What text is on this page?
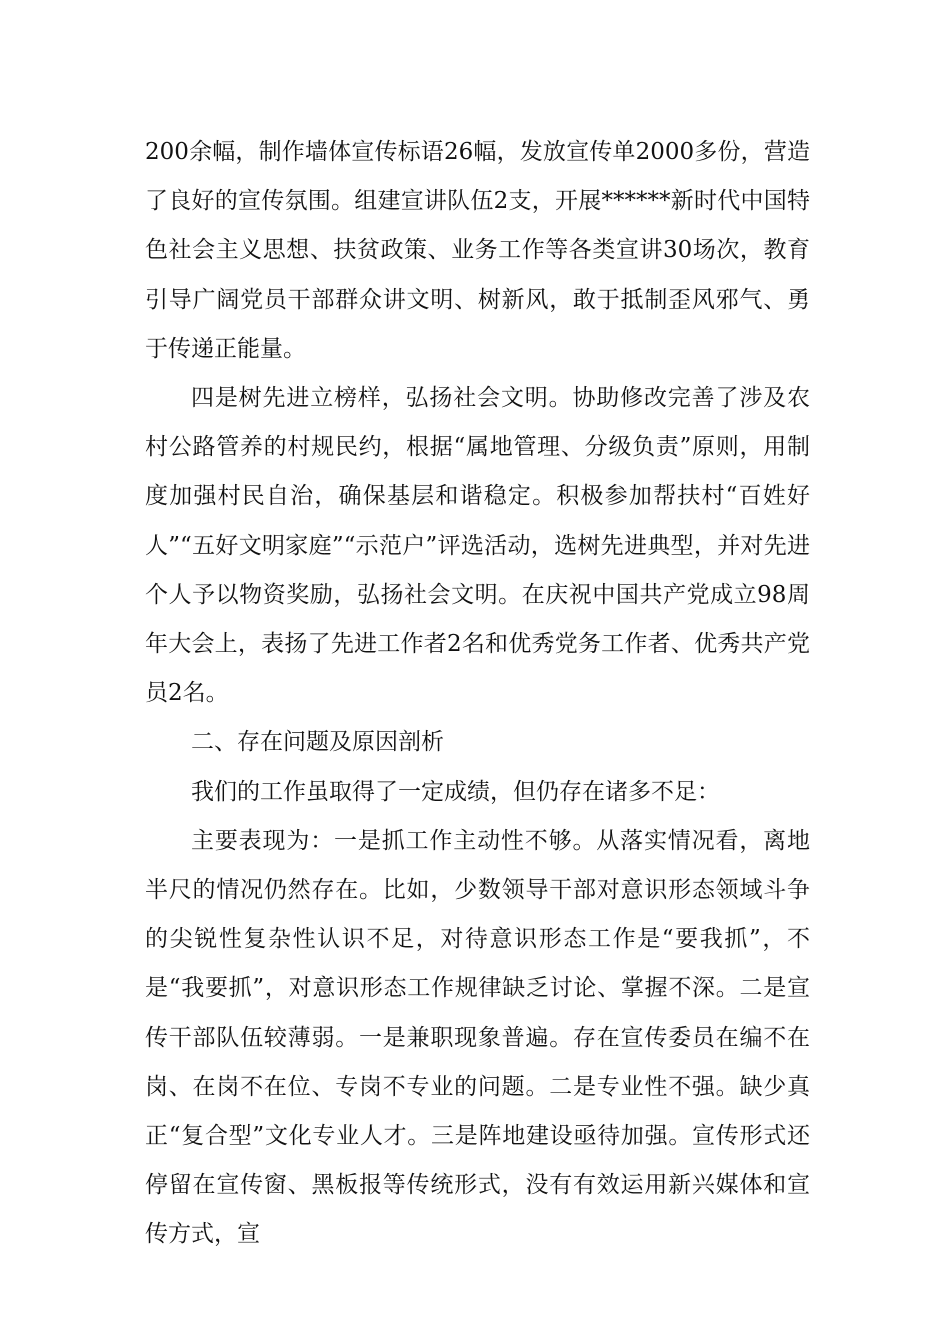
200余幅，制作墙体宣传标语26幅，发放宣传单2000多份，营造了良好的宣传氛围。组建宣讲队伍2支，开展******新时代中国特色社会主义思想、扶贫政策、业务工作等各类宣讲30场次，教育引导广阔党员干部群众讲文明、树新风，敢于抵制歪风邪气、勇于传递正能量。

四是树先进立榜样，弘扬社会文明。协助修改完善了涉及农村公路管养的村规民约，根据“属地管理、分级负责”原则，用制度加强村民自治，确保基层和谐稳定。积极参加帮扶村“百姓好人”“五好文明家庭”“示范户”评选活动，选树先进典型，并对先进个人予以物资奖励，弘扬社会文明。在庆祝中国共产党成立98周年大会上，表扬了先进工作者2名和优秀党务工作者、优秀共产党员2名。

二、存在问题及原因剖析

我们的工作虽取得了一定成绩，但仍存在诸多不足：

主要表现为：一是抓工作主动性不够。从落实情况看，离地半尺的情况仍然存在。比如，少数领导干部对意识形态领域斗争的尖锐性复杂性认识不足，对待意识形态工作是“要我抓”，不是“我要抓”，对意识形态工作规律缺乏讨论、掌握不深。二是宣传干部队伍较薄弱。一是兼职现象普遍。存在宣传委员在编不在岗、在岗不在位、专岗不专业的问题。二是专业性不强。缺少真正“复合型”文化专业人才。三是阵地建设亟待加强。宣传形式还停留在宣传窗、黑板报等传统形式，没有有效运用新兴媒体和宣传方式，宣
